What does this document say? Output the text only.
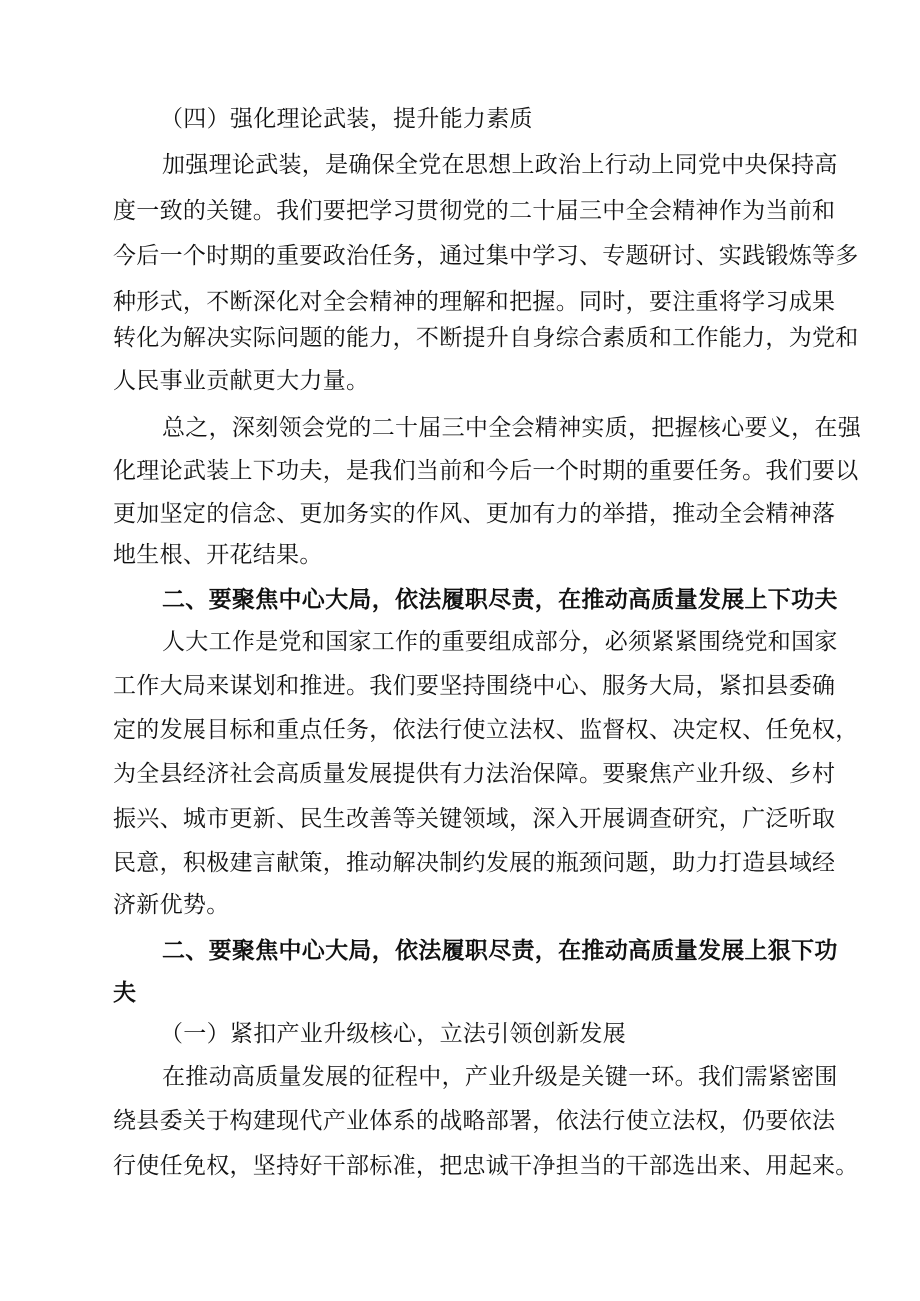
（四）强化理论武装，提升能力素质
加强理论武装，是确保全党在思想上政治上行动上同党中央保持高
度一致的关键。我们要把学习贯彻党的二十届三中全会精神作为当前和
今后一个时期的重要政治任务，通过集中学习、专题研讨、实践锻炼等多
种形式，不断深化对全会精神的理解和把握。同时，要注重将学习成果
转化为解决实际问题的能力，不断提升自身综合素质和工作能力，为党和
人民事业贡献更大力量。
总之，深刻领会党的二十届三中全会精神实质，把握核心要义，在强
化理论武装上下功夫，是我们当前和今后一个时期的重要任务。我们要以
更加坚定的信念、更加务实的作风、更加有力的举措，推动全会精神落
地生根、开花结果。
二、要聚焦中心大局，依法履职尽责，在推动高质量发展上下功夫
人大工作是党和国家工作的重要组成部分，必须紧紧围绕党和国家
工作大局来谋划和推进。我们要坚持围绕中心、服务大局，紧扣县委确
定的发展目标和重点任务，依法行使立法权、监督权、决定权、任免权，
为全县经济社会高质量发展提供有力法治保障。要聚焦产业升级、乡村
振兴、城市更新、民生改善等关键领域，深入开展调查研究，广泛听取
民意，积极建言献策，推动解决制约发展的瓶颈问题，助力打造县域经
济新优势。
二、要聚焦中心大局，依法履职尽责，在推动高质量发展上狠下功
夫
（一）紧扣产业升级核心，立法引领创新发展
在推动高质量发展的征程中，产业升级是关键一环。我们需紧密围
绕县委关于构建现代产业体系的战略部署，依法行使立法权，仍要依法
行使任免权，坚持好干部标准，把忠诚干净担当的干部选出来、用起来。
